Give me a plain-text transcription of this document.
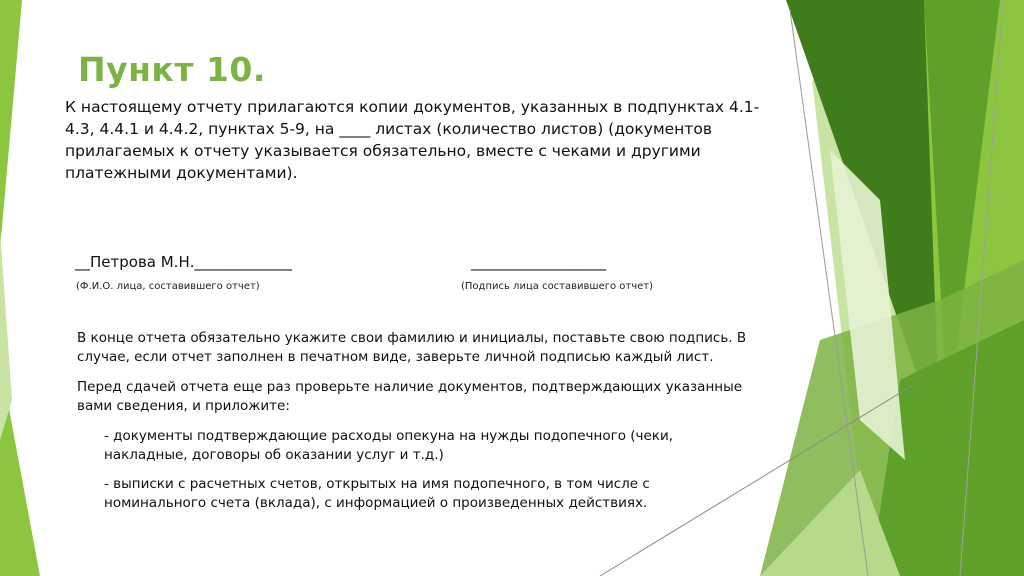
Пункт 10.

К настоящему отчету прилагаются копии документов, указанных в подпунктах 4.1-4.3, 4.4.1 и 4.4.2, пунктах 5-9, на ____ листах (количество листов) (документов прилагаемых к отчету указывается обязательно, вместе с чеками и другими платежными документами).

__Петрова М.Н._____________	__________________
(Ф.И.О. лица, составившего отчет)	(Подпись лица составившего отчет)

В конце отчета обязательно укажите свои фамилию и инициалы, поставьте свою подпись. В случае, если отчет заполнен в печатном виде, заверьте личной подписью каждый лист.

Перед сдачей отчета еще раз проверьте наличие документов, подтверждающих указанные вами сведения, и приложите:

- документы подтверждающие расходы опекуна на нужды подопечного (чеки, накладные, договоры об оказании услуг и т.д.)

- выписки с расчетных счетов, открытых на имя подопечного, в том числе с номинального счета (вклада), с информацией о произведенных действиях.
